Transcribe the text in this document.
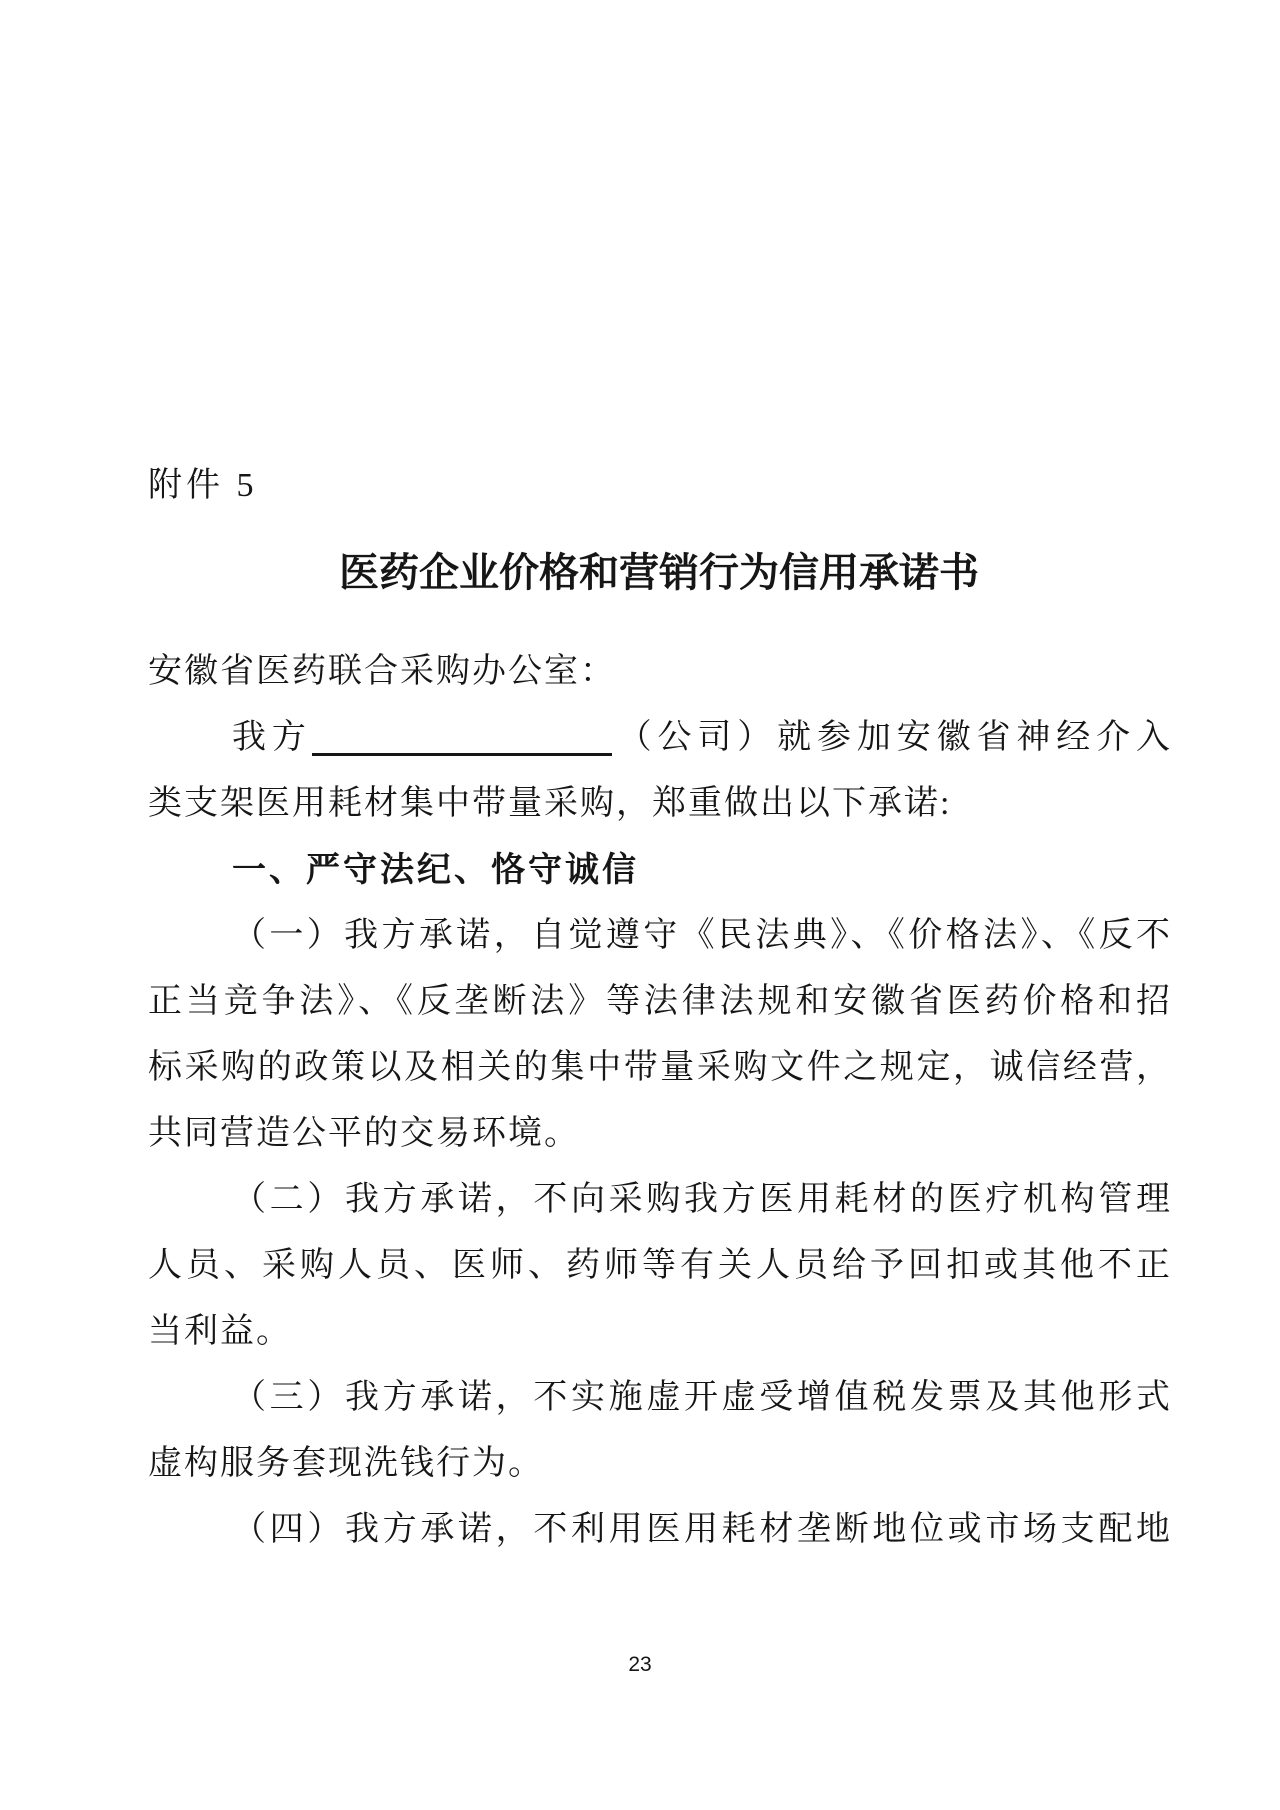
附件 5
医药企业价格和营销行为信用承诺书
安徽省医药联合采购办公室：
我方	（公司）就参加安徽省神经介入
类支架医用耗材集中带量采购，郑重做出以下承诺:
一、严守法纪、恪守诚信
（一）我方承诺，自觉遵守《民法典》、《价格法》、《反不
正当竞争法》、《反垄断法》等法律法规和安徽省医药价格和招
标采购的政策以及相关的集中带量采购文件之规定，诚信经营，
共同营造公平的交易环境。
（二）我方承诺，不向采购我方医用耗材的医疗机构管理
人员、采购人员、医师、药师等有关人员给予回扣或其他不正
当利益。
（三）我方承诺，不实施虚开虚受增值税发票及其他形式
虚构服务套现洗钱行为。
（四）我方承诺，不利用医用耗材垄断地位或市场支配地
23
